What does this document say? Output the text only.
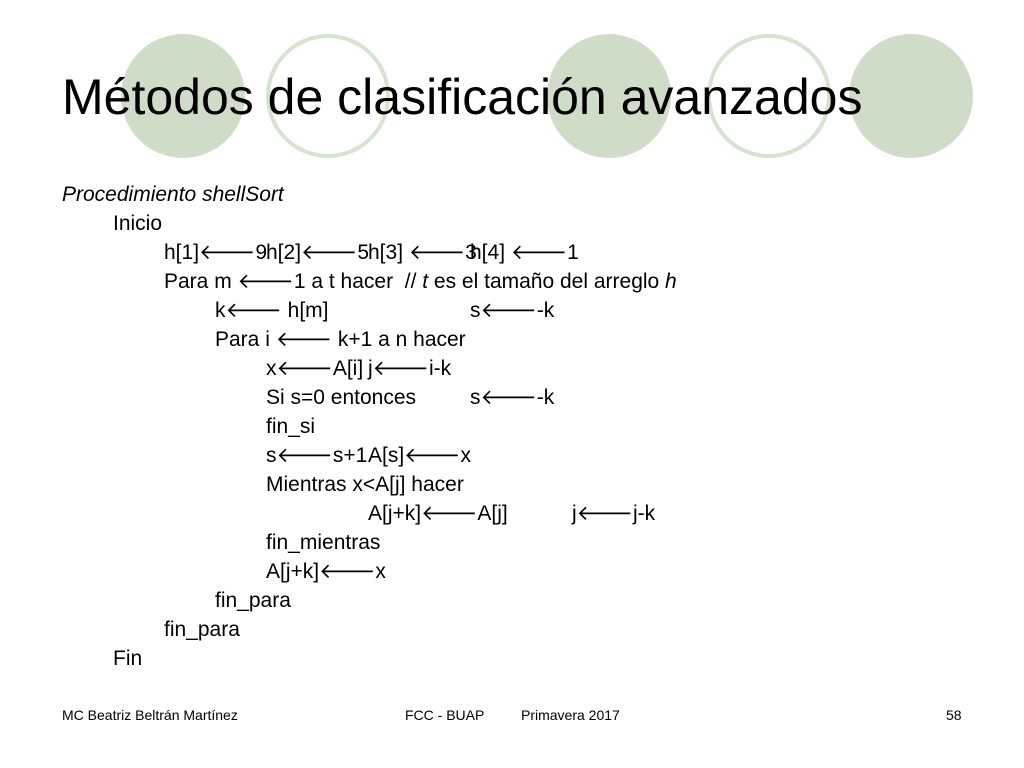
Métodos de clasificación avanzados
Procedimiento shellSort
Inicio
h[1]🡐9
h[2]🡐5
h[3] 🡐3
h[4] 🡐1
Para m 🡐1 a t hacer  // t es el tamaño del arreglo h
k🡐 h[m]	s🡐-k
Para i 🡐 k+1 a n hacer
x🡐A[i] j🡐i-k
Si s=0 entonces	s🡐-k
fin_si
s🡐s+1 A[s]🡐x
Mientras x<A[j] hacer
A[j+k]🡐A[j]	j🡐j-k
fin_mientras
A[j+k]🡐x
fin_para
fin_para
Fin
MC Beatriz Beltrán Martínez	FCC - BUAP	Primavera 2017	58
